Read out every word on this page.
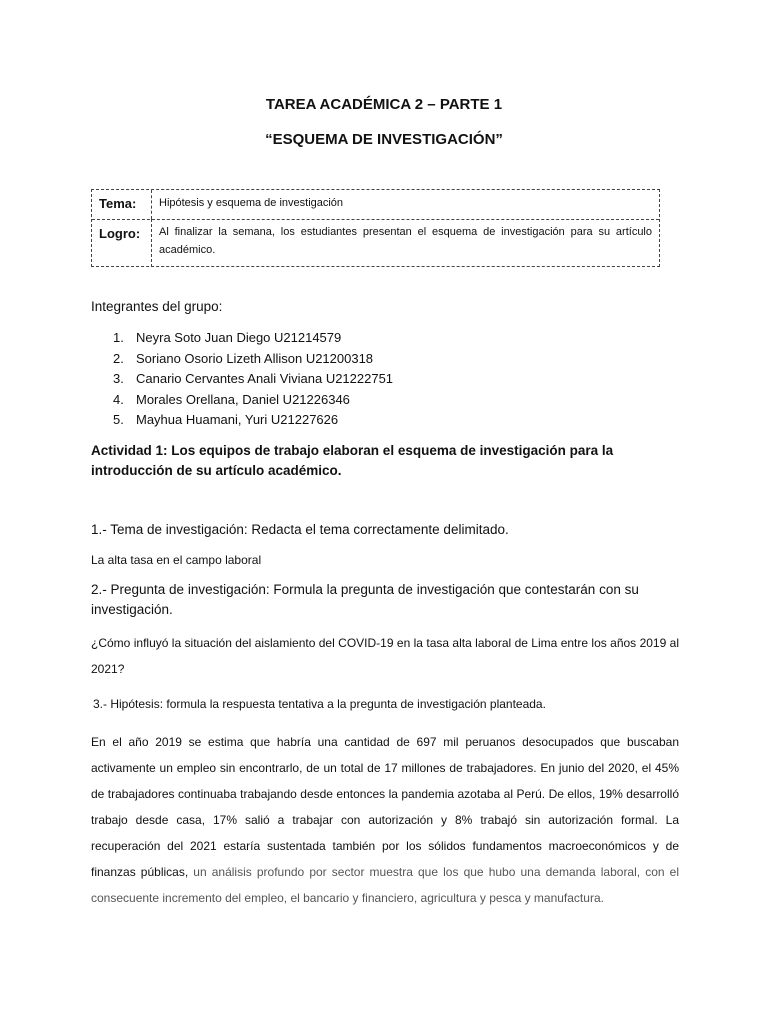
TAREA ACADÉMICA 2 – PARTE 1
“ESQUEMA DE INVESTIGACIÓN”
Tema: Hipótesis y esquema de investigación
Logro: Al finalizar la semana, los estudiantes presentan el esquema de investigación para su artículo académico.
Integrantes del grupo:
1. Neyra Soto Juan Diego U21214579
2. Soriano Osorio Lizeth Allison U21200318
3. Canario Cervantes Anali Viviana U21222751
4. Morales Orellana, Daniel U21226346
5. Mayhua Huamani, Yuri U21227626
Actividad 1: Los equipos de trabajo elaboran el esquema de investigación para la introducción de su artículo académico.
1.- Tema de investigación: Redacta el tema correctamente delimitado.
La alta tasa en el campo laboral
2.- Pregunta de investigación: Formula la pregunta de investigación que contestarán con su investigación.
¿Cómo influyó la situación del aislamiento del COVID-19 en la tasa alta laboral de Lima entre los años 2019 al 2021?
3.- Hipótesis: formula la respuesta tentativa a la pregunta de investigación planteada.
En el año 2019 se estima que habría una cantidad de 697 mil peruanos desocupados que buscaban activamente un empleo sin encontrarlo, de un total de 17 millones de trabajadores. En junio del 2020, el 45% de trabajadores continuaba trabajando desde entonces la pandemia azotaba al Perú. De ellos, 19% desarrolló trabajo desde casa, 17% salió a trabajar con autorización y 8% trabajó sin autorización formal. La recuperación del 2021 estaría sustentada también por los sólidos fundamentos macroeconómicos y de finanzas públicas, un análisis profundo por sector muestra que los que hubo una demanda laboral, con el consecuente incremento del empleo, el bancario y financiero, agricultura y pesca y manufactura.
